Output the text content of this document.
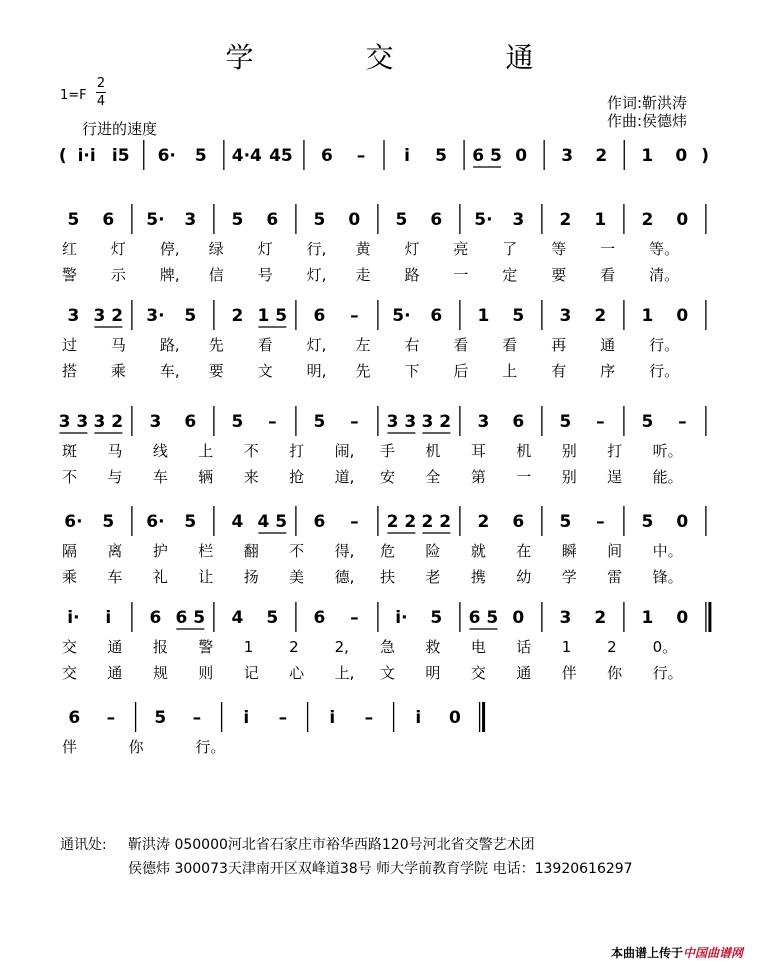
学　交　通
1=F
2
4
行进的速度
作词:靳洪涛
作曲:侯德炜
( i·i i5 6· 5 4·4 45 6 – i 5 6 5 0 3 2 1 0 )
5 6 5· 3 5 6 5 0 5 6 5· 3 2 1 2 0
红 灯 停, 绿 灯 行, 黄 灯 亮 了 等 一 等。
警 示 牌, 信 号 灯, 走 路 一 定 要 看 清。
3 3 2 3· 5 2 1 5 6 – 5· 6 1 5 3 2 1 0
过 马 路, 先 看 灯, 左 右 看 看 再 通 行。
搭 乘 车, 要 文 明, 先 下 后 上 有 序 行。
3 3 3 2 3 6 5 – 5 – 3 3 3 2 3 6 5 – 5 –
斑 马 线 上 不 打 闹, 手 机 耳 机 别 打 听。
不 与 车 辆 来 抢 道, 安 全 第 一 别 逞 能。
6· 5 6· 5 4 4 5 6 – 2 2 2 2 2 6 5 – 5 0
隔 离 护 栏 翻 不 得, 危 险 就 在 瞬 间 中。
乘 车 礼 让 扬 美 德, 扶 老 携 幼 学 雷 锋。
i· i 6 6 5 4 5 6 – i· 5 6 5 0 3 2 1 0
交 通 报 警 1 2 2, 急 救 电 话 1 2 0。
交 通 规 则 记 心 上, 文 明 交 通 伴 你 行。
6 – 5 – i – i – i 0
伴	你	行。
通讯处: 靳洪涛 050000河北省石家庄市裕华西路120号河北省交警艺术团
侯德炜 300073天津南开区双峰道38号 师大学前教育学院 电话：13920616297
本曲谱上传于中国曲谱网
